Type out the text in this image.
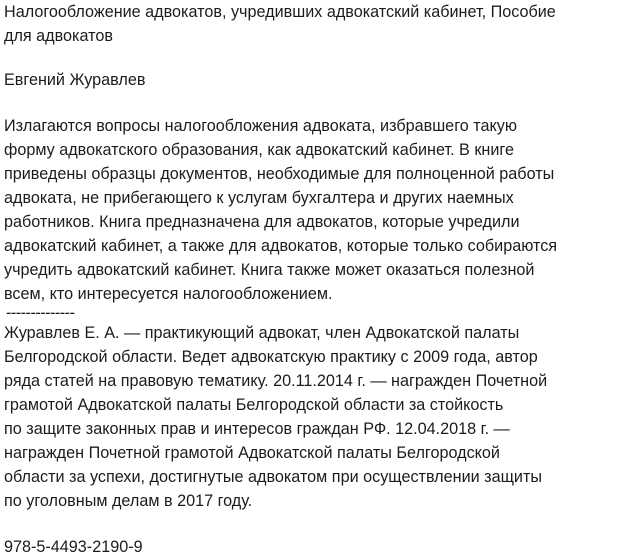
Налогообложение адвокатов, учредивших адвокатский кабинет, Пособие
для адвокатов

Евгений Журавлев

Излагаются вопросы налогообложения адвоката, избравшего такую
форму адвокатского образования, как адвокатский кабинет. В книге
приведены образцы документов, необходимые для полноценной работы
адвоката, не прибегающего к услугам бухгалтера и других наемных
работников. Книга предназначена для адвокатов, которые учредили
адвокатский кабинет, а также для адвокатов, которые только собираются
учредить адвокатский кабинет. Книга также может оказаться полезной
всем, кто интересуется налогообложением.

--------------

Журавлев Е. А. — практикующий адвокат, член Адвокатской палаты
Белгородской области. Ведет адвокатскую практику с 2009 года, автор
ряда статей на правовую тематику. 20.11.2014 г. — награжден Почетной
грамотой Адвокатской палаты Белгородской области за стойкость
по защите законных прав и интересов граждан РФ. 12.04.2018 г. —
награжден Почетной грамотой Адвокатской палаты Белгородской
области за успехи, достигнутые адвокатом при осуществлении защиты
по уголовным делам в 2017 году.

978-5-4493-2190-9
